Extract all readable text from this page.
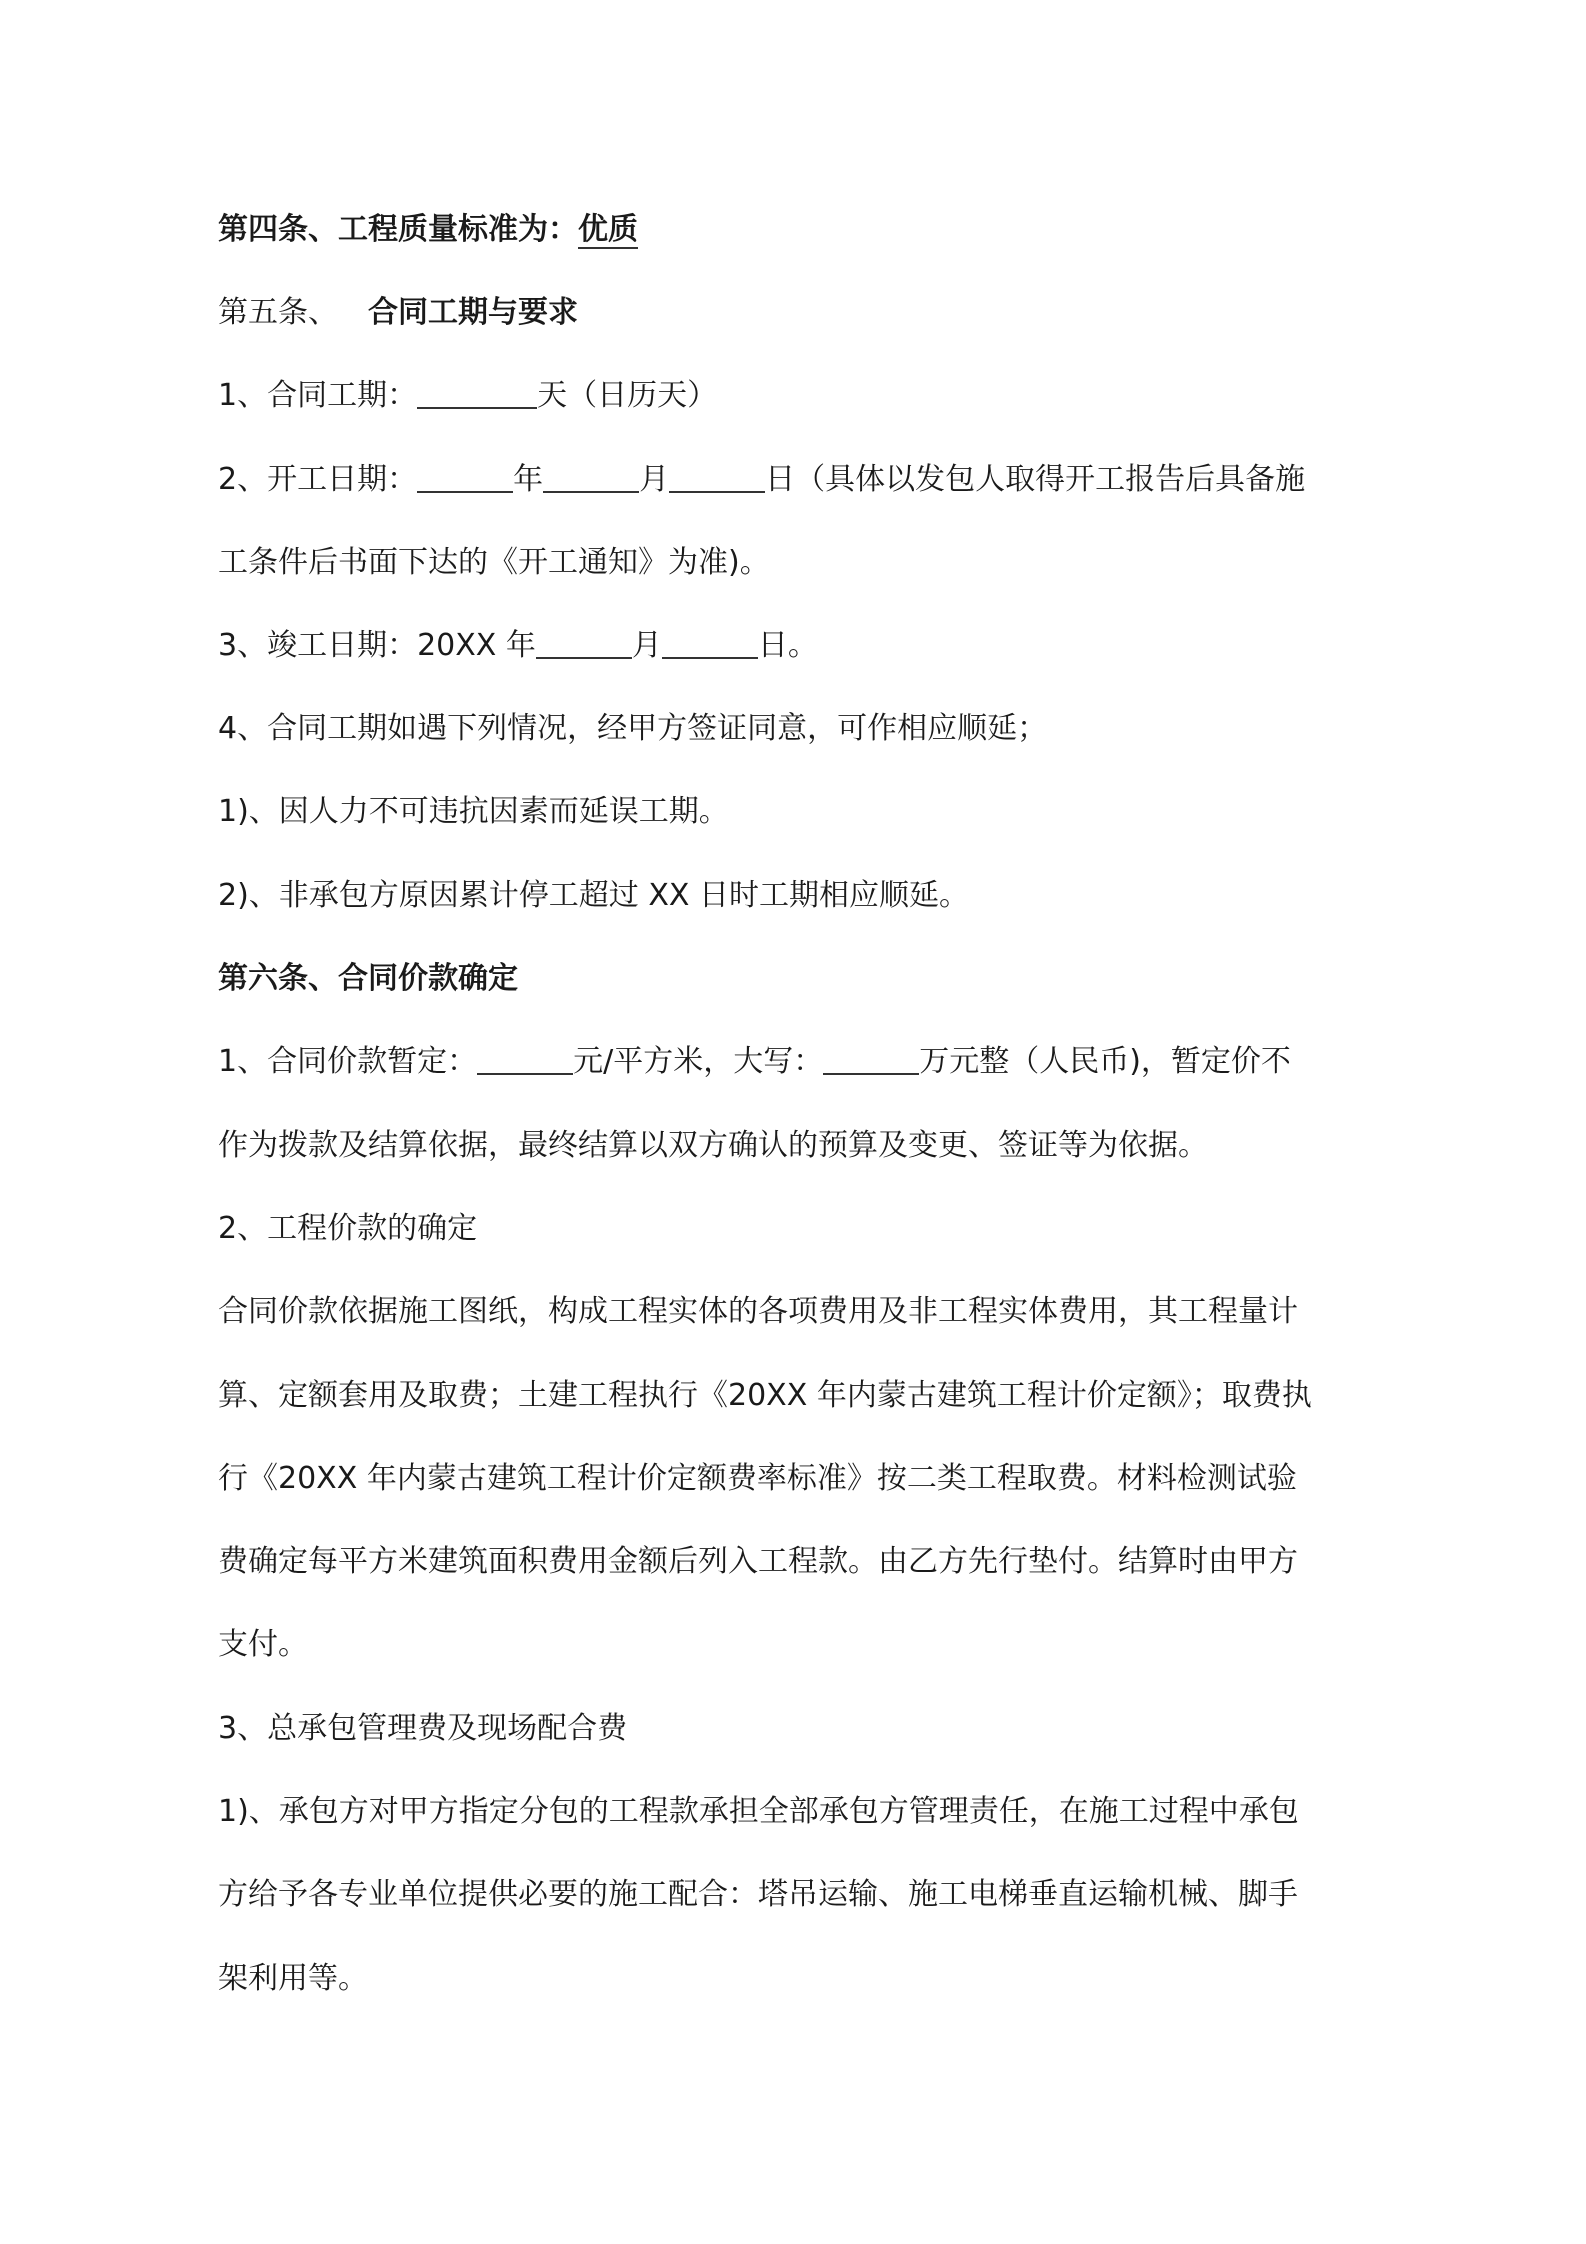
第四条、工程质量标准为：优质
第五条、 合同工期与要求
1、合同工期：	天（日历天）
2、开工日期：	年	月	日（具体以发包人取得开工报告后具备施
工条件后书面下达的《开工通知》为准)。
3、竣工日期：20XX 年	月	日。
4、合同工期如遇下列情况，经甲方签证同意，可作相应顺延；
1)、因人力不可违抗因素而延误工期。
2)、非承包方原因累计停工超过 XX 日时工期相应顺延。
第六条、合同价款确定
1、合同价款暂定：	元/平方米，大写：	万元整（人民币)，暂定价不
作为拨款及结算依据，最终结算以双方确认的预算及变更、签证等为依据。
2、工程价款的确定
合同价款依据施工图纸，构成工程实体的各项费用及非工程实体费用，其工程量计
算、定额套用及取费；土建工程执行《20XX 年内蒙古建筑工程计价定额》；取费执
行《20XX 年内蒙古建筑工程计价定额费率标准》按二类工程取费。材料检测试验
费确定每平方米建筑面积费用金额后列入工程款。由乙方先行垫付。结算时由甲方
支付。
3、总承包管理费及现场配合费
1)、承包方对甲方指定分包的工程款承担全部承包方管理责任，在施工过程中承包
方给予各专业单位提供必要的施工配合：塔吊运输、施工电梯垂直运输机械、脚手
架利用等。
